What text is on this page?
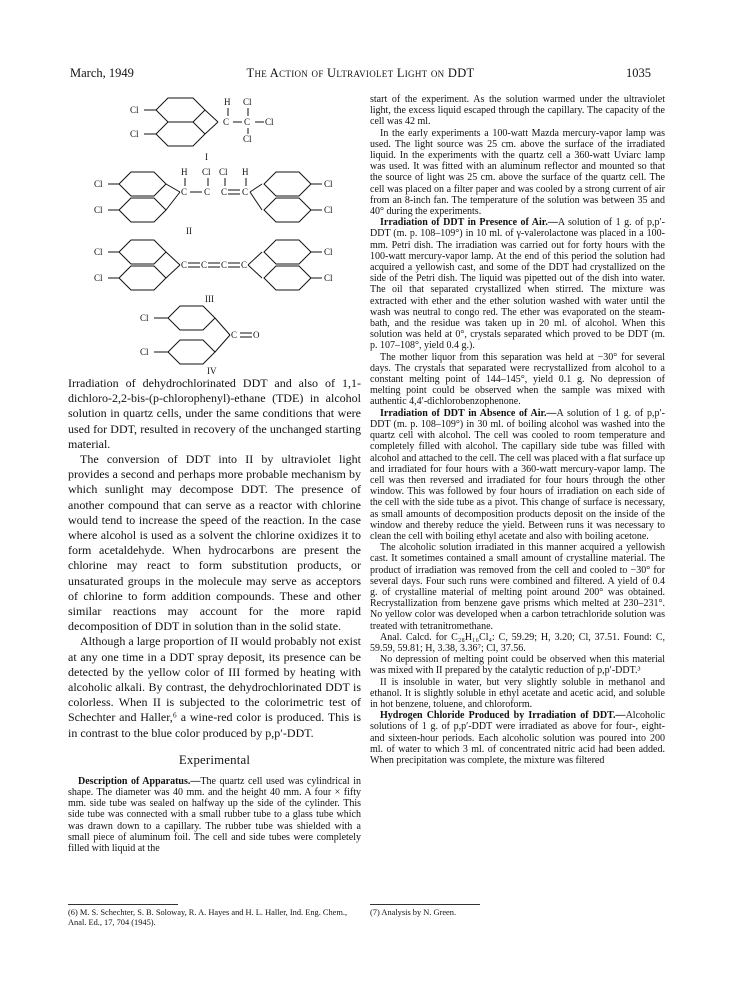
March, 1949	The Action of Ultraviolet Light on DDT	1035
Cl
Cl
H Cl
C C Cl
Cl
I
Cl
Cl
H Cl Cl H
C C C C
Cl
Cl
II
Cl
Cl
C C C C
Cl
Cl
III
Cl
Cl
C O
IV

Irradiation of dehydrochlorinated DDT and also of 1,1-dichloro-2,2-bis-(p-chlorophenyl)-ethane (TDE) in alcohol solution in quartz cells, under the same conditions that were used for DDT, resulted in recovery of the unchanged starting material.

The conversion of DDT into II by ultraviolet light provides a second and perhaps more probable mechanism by which sunlight may decompose DDT. The presence of another compound that can serve as a reactor with chlorine would tend to increase the speed of the reaction. In the case where alcohol is used as a solvent the chlorine oxidizes it to form acetaldehyde. When hydrocarbons are present the chlorine may react to form substitution products, or unsaturated groups in the molecule may serve as acceptors of chlorine to form addition compounds. These and other similar reactions may account for the more rapid decomposition of DDT in solution than in the solid state.

Although a large proportion of II would probably not exist at any one time in a DDT spray deposit, its presence can be detected by the yellow color of III formed by heating with alcoholic alkali. By contrast, the dehydrochlorinated DDT is colorless. When II is subjected to the colorimetric test of Schechter and Haller,⁶ a wine-red color is produced. This is in contrast to the blue color produced by p,p′-DDT.

Experimental

Description of Apparatus.—The quartz cell used was cylindrical in shape. The diameter was 40 mm. and the height 40 mm. A four × fifty mm. side tube was sealed on halfway up the side of the cylinder. This side tube was connected with a small rubber tube to a glass tube which was drawn down to a capillary. The rubber tube was shielded with a small piece of aluminum foil. The cell and side tubes were completely filled with liquid at the

(6) M. S. Schechter, S. B. Soloway, R. A. Hayes and H. L. Haller, Ind. Eng. Chem., Anal. Ed., 17, 704 (1945).

start of the experiment. As the solution warmed under the ultraviolet light, the excess liquid escaped through the capillary. The capacity of the cell was 42 ml.

In the early experiments a 100-watt Mazda mercury-vapor lamp was used. The light source was 25 cm. above the surface of the irradiated liquid. In the experiments with the quartz cell a 360-watt Uviarc lamp was used. It was fitted with an aluminum reflector and mounted so that the source of light was 25 cm. above the surface of the quartz cell. The cell was placed on a filter paper and was cooled by a strong current of air from an 8-inch fan. The temperature of the solution was between 35 and 40° during the experiments.

Irradiation of DDT in Presence of Air.—A solution of 1 g. of p,p′-DDT (m. p. 108–109°) in 10 ml. of γ-valerolactone was placed in a 100-mm. Petri dish. The irradiation was carried out for forty hours with the 100-watt mercury-vapor lamp. At the end of this period the solution had acquired a yellowish cast, and some of the DDT had crystallized on the side of the Petri dish. The liquid was pipetted out of the dish into water. The oil that separated crystallized when stirred. The mixture was extracted with ether and the ether solution washed with water until the wash was neutral to congo red. The ether was evaporated on the steam-bath, and the residue was taken up in 20 ml. of alcohol. When this solution was held at 0°, crystals separated which proved to be DDT (m. p. 107–108°, yield 0.4 g.).

The mother liquor from this separation was held at −30° for several days. The crystals that separated were recrystallized from alcohol to a constant melting point of 144–145°, yield 0.1 g. No depression of melting point could be observed when the sample was mixed with authentic 4,4′-dichlorobenzophenone.

Irradiation of DDT in Absence of Air.—A solution of 1 g. of p,p′-DDT (m. p. 108–109°) in 30 ml. of boiling alcohol was washed into the quartz cell with alcohol. The cell was cooled to room temperature and completely filled with alcohol. The capillary side tube was filled with alcohol and attached to the cell. The cell was placed with a flat surface up and irradiated for four hours with a 360-watt mercury-vapor lamp. The cell was then reversed and irradiated for four hours through the other window. This was followed by four hours of irradiation on each side of the cell with the side tube as a pivot. This change of surface is necessary, as small amounts of decomposition products deposit on the inside of the window and thereby reduce the yield. Between runs it was necessary to clean the cell with boiling ethyl acetate and also with boiling acetone.

The alcoholic solution irradiated in this manner acquired a yellowish cast. It sometimes contained a small amount of crystalline material. The product of irradiation was removed from the cell and cooled to −30° for several days. Four such runs were combined and filtered. A yield of 0.4 g. of crystalline material of melting point around 200° was obtained. Recrystallization from benzene gave prisms which melted at 230–231°. No yellow color was developed when a carbon tetrachloride solution was treated with tetranitromethane.

Anal. Calcd. for C₂₈H₁₆Cl₄: C, 59.29; H, 3.20; Cl, 37.51. Found: C, 59.59, 59.81; H, 3.38, 3.36⁷; Cl, 37.56.

No depression of melting point could be observed when this material was mixed with II prepared by the catalytic reduction of p,p′-DDT.³

II is insoluble in water, but very slightly soluble in methanol and ethanol. It is slightly soluble in ethyl acetate and acetic acid, and soluble in hot benzene, toluene, and chloroform.

Hydrogen Chloride Produced by Irradiation of DDT.—Alcoholic solutions of 1 g. of p,p′-DDT were irradiated as above for four-, eight- and sixteen-hour periods. Each alcoholic solution was poured into 200 ml. of water to which 3 ml. of concentrated nitric acid had been added. When precipitation was complete, the mixture was filtered

(7) Analysis by N. Green.
